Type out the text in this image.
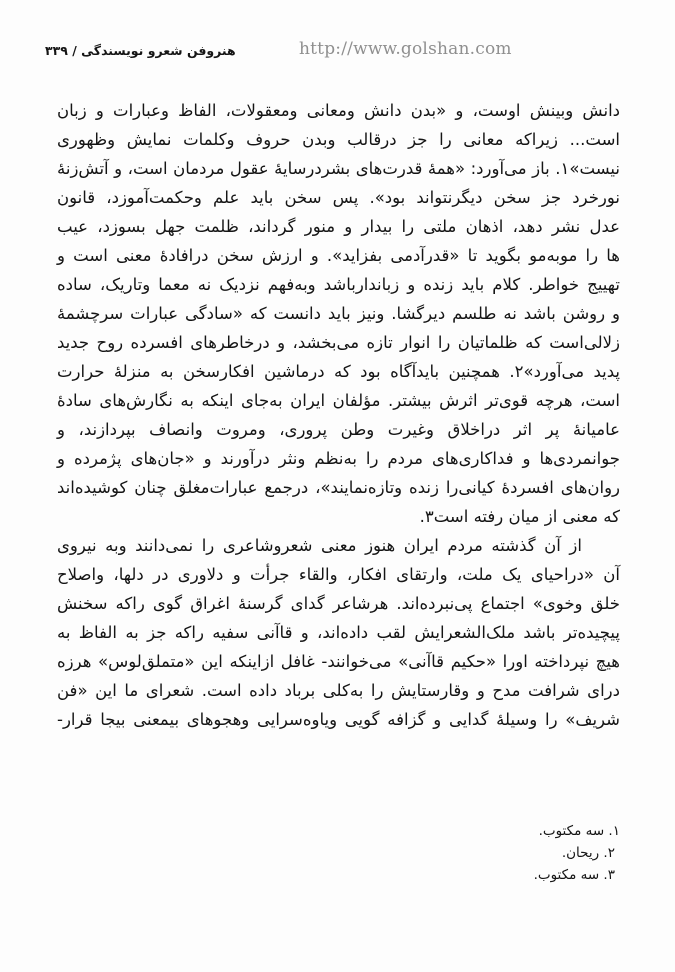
هنروفن شعرو نویسندگی / ۳۳۹	http://www.golshan.com
دانش وبینش اوست، و «بدن دانش ومعانی ومعقولات، الفاظ وعبارات و زبان
است... زیراکه معانی را جز درقالب وبدن حروف وکلمات نمایش وظهوری
نیست»۱. باز می‌آورد: «همهٔ قدرت‌های بشردرسایهٔ عقول مردمان است، و آتش‌زنهٔ
نورخرد جز سخن دیگرنتواند بود». پس سخن باید علم وحکمت‌آموزد، قانون
عدل نشر دهد، اذهان ملتی را بیدار و منور گرداند، ظلمت جهل بسوزد، عیب‌
ها را موبه‌مو بگوید تا «قدرآدمی بفزاید». و ارزش سخن درافادهٔ معنی است و
تهییج خواطر. کلام باید زنده و زباندارباشد وبه‌فهم نزدیک نه معما وتاریک، ساده
و روشن باشد نه طلسم دیرگشا. ونیز باید دانست که «سادگی عبارات سرچشمهٔ
زلالی‌است که ظلماتیان را انوار تازه می‌بخشد، و درخاطرهای افسرده روح جدید
پدید می‌آورد»۲. همچنین بایدآگاه بود که درماشین افکارسخن به منزلهٔ حرارت
است، هرچه قوی‌تر اثرش بیشتر. مؤلفان ایران به‌جای اینکه به نگارش‌های سادهٔ
عامیانهٔ پر اثر دراخلاق وغیرت وطن پروری، ومروت وانصاف بپردازند، و
جوانمردی‌ها و فداکاری‌های مردم را به‌نظم ونثر درآورند و «جان‌های پژمرده و
روان‌های افسردهٔ کیانی‌را زنده وتازه‌نمایند»، درجمع عبارات‌مغلق چنان کوشیده‌اند
که معنی از میان رفته است۳.
از آن گذشته مردم ایران هنوز معنی شعروشاعری را نمی‌دانند وبه نیروی
آن «دراحیای یک ملت، وارتقای افکار، والقاء جرأت و دلاوری در دلها، واصلاح
خلق وخوی» اجتماع پی‌نبرده‌اند. هرشاعر گدای گرسنهٔ اغراق گوی راکه سخنش
پیچیده‌تر باشد ملک‌الشعرایش لقب داده‌اند، و قاآنی سفیه راکه جز به الفاظ به
هیچ نپرداخته اورا «حکیم قاآنی» می‌خوانند- غافل ازاینکه این «متملق‌لوس» هرزه‌
درای شرافت مدح و وقارستایش را به‌کلی برباد داده است. شعرای ما این «فن
شریف» را وسیلهٔ گدایی و گزافه گویی ویاوه‌سرایی وهجوهای بیمعنی بیجا قرار-
۱. سه مکتوب.
۲. ریحان.
۳. سه مکتوب.
